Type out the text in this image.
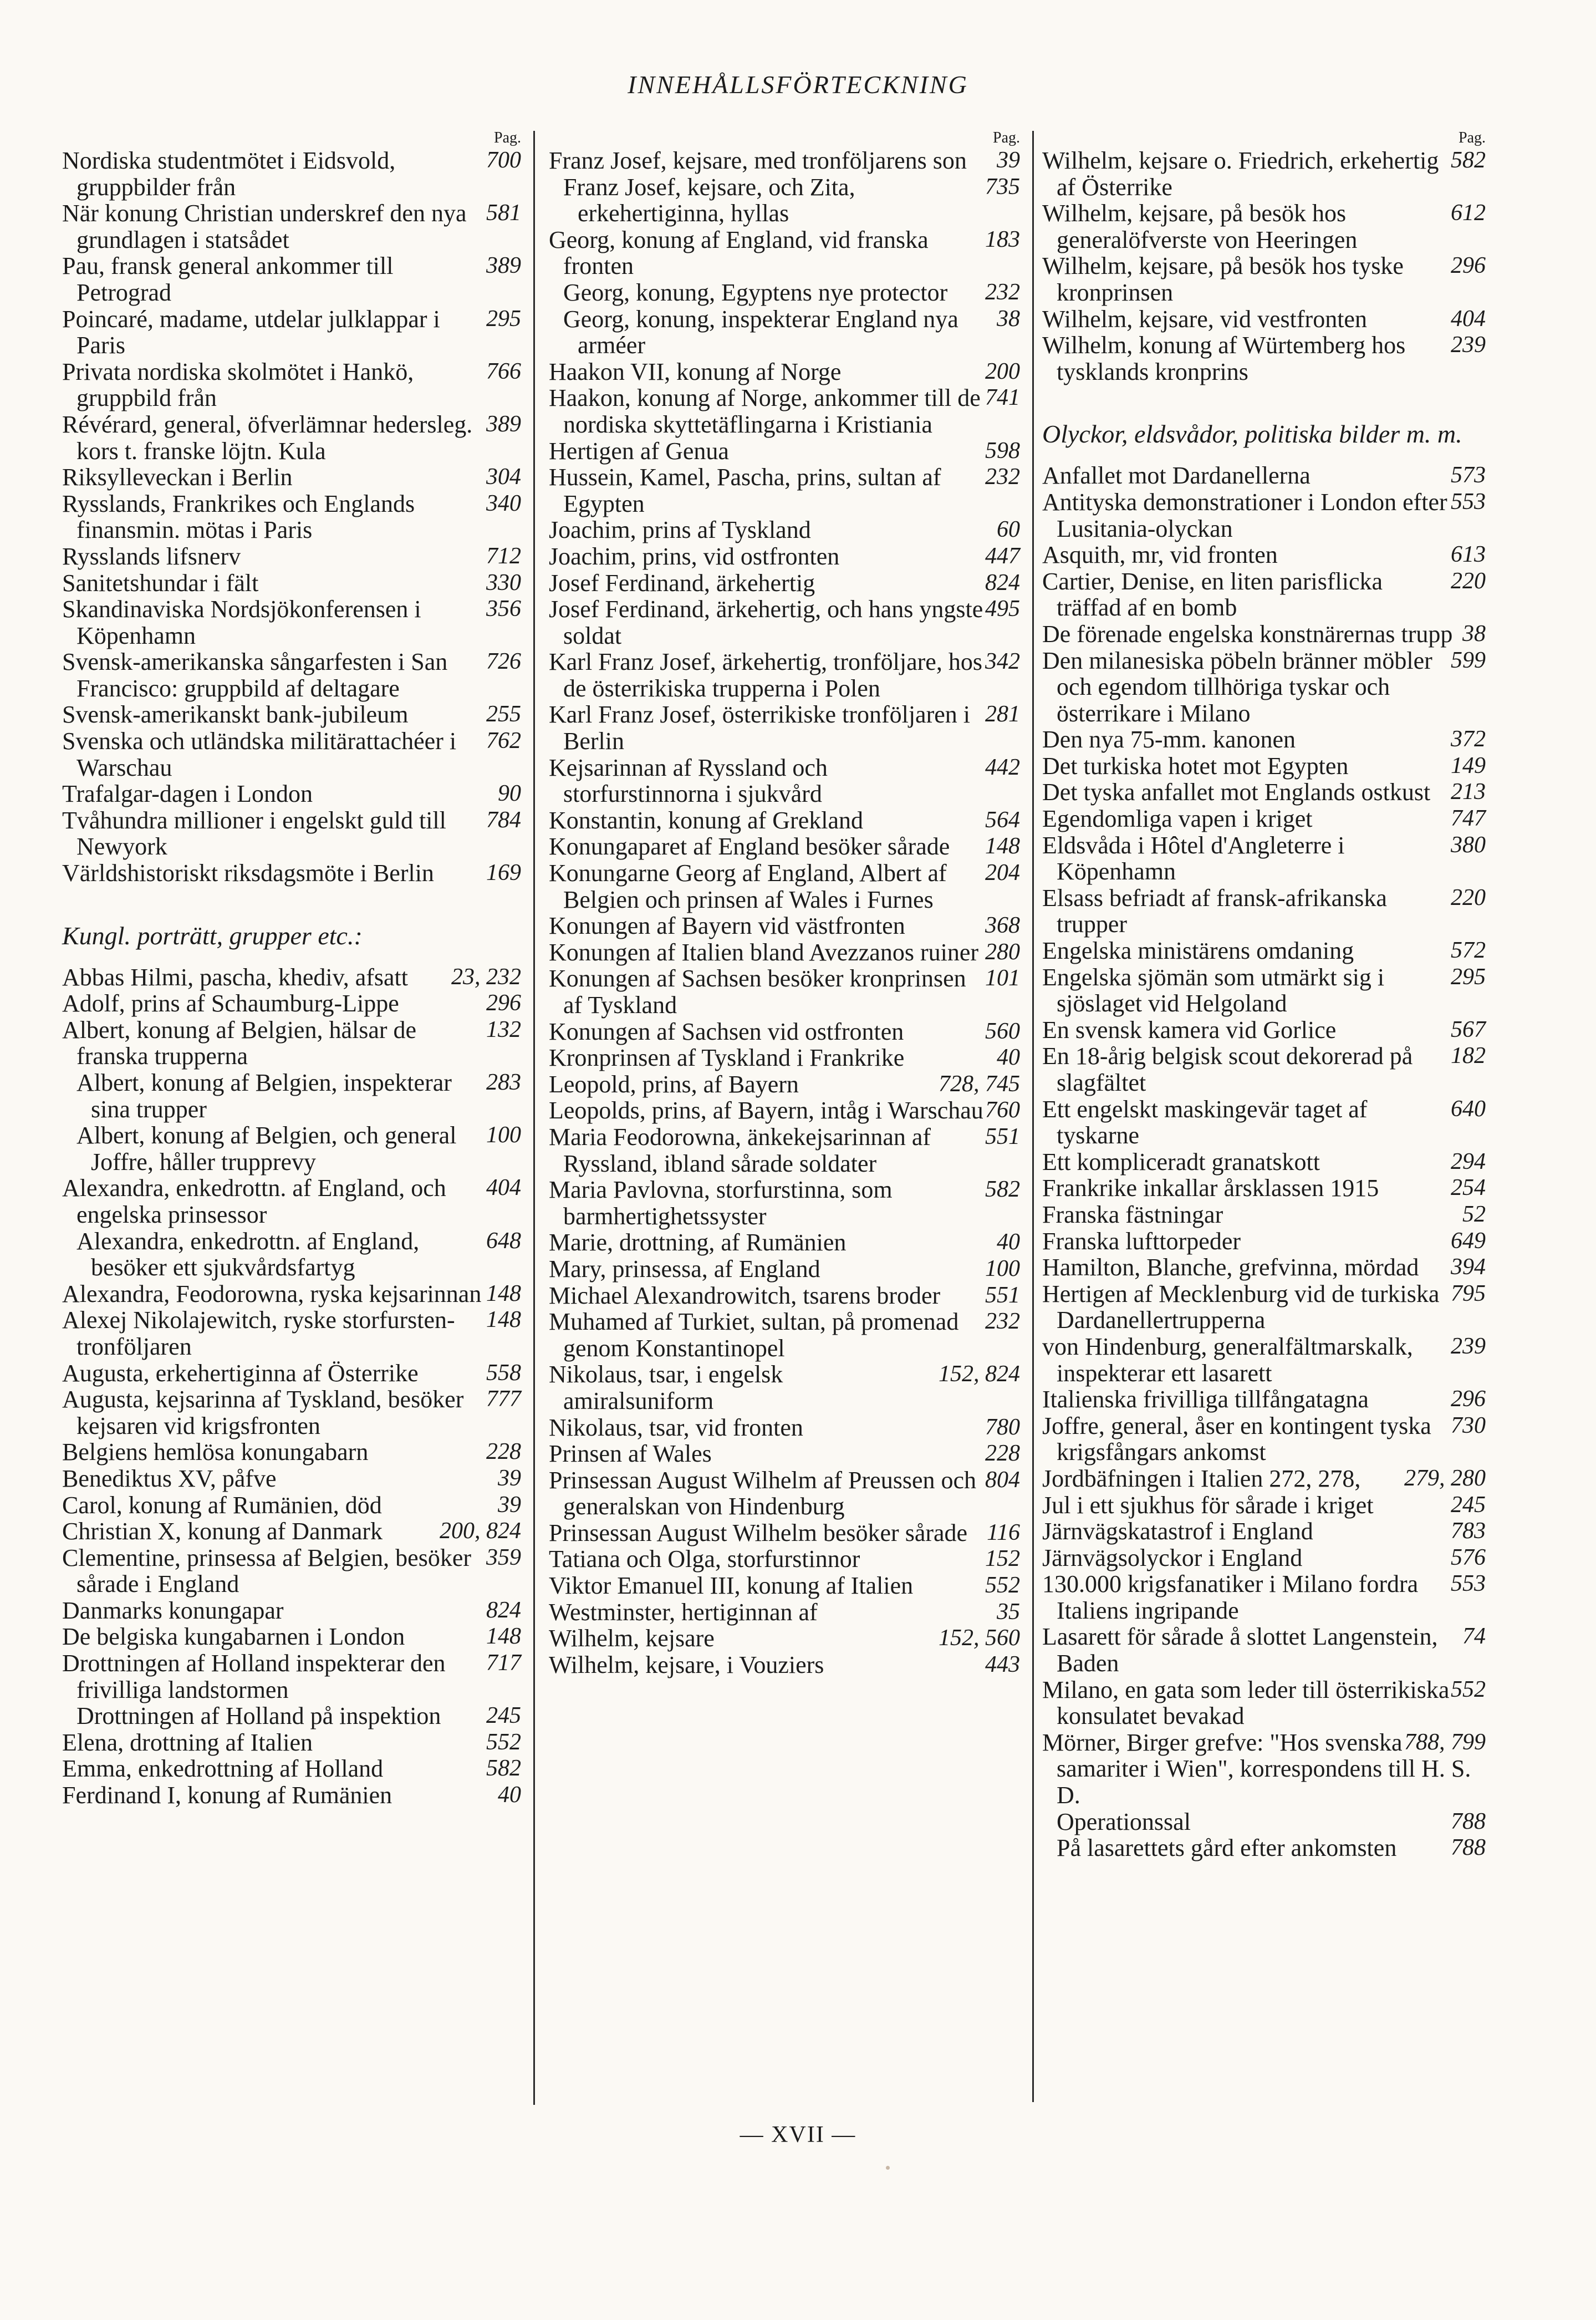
INNEHÅLLSFÖRTECKNING
Pag.
700
Nordiska studentmötet i Eidsvold, gruppbilder från
581
När konung Christian underskref den nya grundlagen i statsådet
389
Pau, fransk general ankommer till Petrograd
295
Poincaré, madame, utdelar julklappar i Paris
766
Privata nordiska skolmötet i Hankö, gruppbild från
389
Révérard, general, öfverlämnar hedersleg. kors t. franske löjtn. Kula
304
Riksylleveckan i Berlin
340
Rysslands, Frankrikes och Englands finansmin. mötas i Paris
712
Rysslands lifsnerv
330
Sanitetshundar i fält
356
Skandinaviska Nordsjökonferensen i Köpenhamn
726
Svensk-amerikanska sångarfesten i San Francisco: gruppbild af deltagare
255
Svensk-amerikanskt bank-jubileum
762
Svenska och utländska militärattachéer i Warschau
90
Trafalgar-dagen i London
784
Tvåhundra millioner i engelskt guld till Newyork
169
Världshistoriskt riksdagsmöte i Berlin
Kungl. porträtt, grupper etc.:
23, 232
Abbas Hilmi, pascha, khediv, afsatt
296
Adolf, prins af Schaumburg-Lippe
132
Albert, konung af Belgien, hälsar de franska trupperna
283
Albert, konung af Belgien, inspekterar sina trupper
100
Albert, konung af Belgien, och general Joffre, håller trupprevy
404
Alexandra, enkedrottn. af England, och engelska prinsessor
648
Alexandra, enkedrottn. af England, besöker ett sjukvårdsfartyg
148
Alexandra, Feodorowna, ryska kejsarinnan
148
Alexej Nikolajewitch, ryske storfursten-tronföljaren
558
Augusta, erkehertiginna af Österrike
777
Augusta, kejsarinna af Tyskland, besöker kejsaren vid krigsfronten
228
Belgiens hemlösa konungabarn
39
Benediktus XV, påfve
39
Carol, konung af Rumänien, död
200, 824
Christian X, konung af Danmark
359
Clementine, prinsessa af Belgien, besöker sårade i England
824
Danmarks konungapar
148
De belgiska kungabarnen i London
717
Drottningen af Holland inspekterar den frivilliga landstormen
245
Drottningen af Holland på inspektion
552
Elena, drottning af Italien
582
Emma, enkedrottning af Holland
40
Ferdinand I, konung af Rumänien
Pag.
39
Franz Josef, kejsare, med tronföljarens son
735
Franz Josef, kejsare, och Zita, erkehertiginna, hyllas
183
Georg, konung af England, vid franska fronten
232
Georg, konung, Egyptens nye protector
38
Georg, konung, inspekterar England nya arméer
200
Haakon VII, konung af Norge
741
Haakon, konung af Norge, ankommer till de nordiska skyttetäflingarna i Kristiania
598
Hertigen af Genua
232
Hussein, Kamel, Pascha, prins, sultan af Egypten
60
Joachim, prins af Tyskland
447
Joachim, prins, vid ostfronten
824
Josef Ferdinand, ärkehertig
495
Josef Ferdinand, ärkehertig, och hans yngste soldat
342
Karl Franz Josef, ärkehertig, tronföljare, hos de österrikiska trupperna i Polen
281
Karl Franz Josef, österrikiske tronföljaren i Berlin
442
Kejsarinnan af Ryssland och storfurstinnorna i sjukvård
564
Konstantin, konung af Grekland
148
Konungaparet af England besöker sårade
204
Konungarne Georg af England, Albert af Belgien och prinsen af Wales i Furnes
368
Konungen af Bayern vid västfronten
280
Konungen af Italien bland Avezzanos ruiner
101
Konungen af Sachsen besöker kronprinsen af Tyskland
560
Konungen af Sachsen vid ostfronten
40
Kronprinsen af Tyskland i Frankrike
728, 745
Leopold, prins, af Bayern
760
Leopolds, prins, af Bayern, intåg i Warschau
551
Maria Feodorowna, änkekejsarinnan af Ryssland, ibland sårade soldater
582
Maria Pavlovna, storfurstinna, som barmhertighetssyster
40
Marie, drottning, af Rumänien
100
Mary, prinsessa, af England
551
Michael Alexandrowitch, tsarens broder
232
Muhamed af Turkiet, sultan, på promenad genom Konstantinopel
152, 824
Nikolaus, tsar, i engelsk amiralsuniform
780
Nikolaus, tsar, vid fronten
228
Prinsen af Wales
804
Prinsessan August Wilhelm af Preussen och generalskan von Hindenburg
116
Prinsessan August Wilhelm besöker sårade
152
Tatiana och Olga, storfurstinnor
552
Viktor Emanuel III, konung af Italien
35
Westminster, hertiginnan af
152, 560
Wilhelm, kejsare
443
Wilhelm, kejsare, i Vouziers
Pag.
582
Wilhelm, kejsare o. Friedrich, erkehertig af Österrike
612
Wilhelm, kejsare, på besök hos generalöfverste von Heeringen
296
Wilhelm, kejsare, på besök hos tyske kronprinsen
404
Wilhelm, kejsare, vid vestfronten
239
Wilhelm, konung af Würtemberg hos tysklands kronprins
Olyckor, eldsvådor, politiska bilder m. m.
573
Anfallet mot Dardanellerna
553
Antityska demonstrationer i London efter Lusitania-olyckan
613
Asquith, mr, vid fronten
220
Cartier, Denise, en liten parisflicka träffad af en bomb
38
De förenade engelska konstnärernas trupp
599
Den milanesiska pöbeln bränner möbler och egendom tillhöriga tyskar och österrikare i Milano
372
Den nya 75-mm. kanonen
149
Det turkiska hotet mot Egypten
213
Det tyska anfallet mot Englands ostkust
747
Egendomliga vapen i kriget
380
Eldsvåda i Hôtel d'Angleterre i Köpenhamn
220
Elsass befriadt af fransk-afrikanska trupper
572
Engelska ministärens omdaning
295
Engelska sjömän som utmärkt sig i sjöslaget vid Helgoland
567
En svensk kamera vid Gorlice
182
En 18-årig belgisk scout dekorerad på slagfältet
640
Ett engelskt maskingevär taget af tyskarne
294
Ett kompliceradt granatskott
254
Frankrike inkallar årsklassen 1915
52
Franska fästningar
649
Franska lufttorpeder
394
Hamilton, Blanche, grefvinna, mördad
795
Hertigen af Mecklenburg vid de turkiska Dardanellertrupperna
239
von Hindenburg, generalfältmarskalk, inspekterar ett lasarett
296
Italienska frivilliga tillfångatagna
730
Joffre, general, åser en kontingent tyska krigsfångars ankomst
279, 280
Jordbäfningen i Italien 272, 278,
245
Jul i ett sjukhus för sårade i kriget
783
Järnvägskatastrof i England
576
Järnvägsolyckor i England
553
130.000 krigsfanatiker i Milano fordra Italiens ingripande
74
Lasarett för sårade å slottet Langenstein, Baden
552
Milano, en gata som leder till österrikiska konsulatet bevakad
788, 799
Mörner, Birger grefve: "Hos svenska samariter i Wien", korrespondens till H. S. D.
788
Operationssal
788
På lasarettets gård efter ankomsten
— XVII —
